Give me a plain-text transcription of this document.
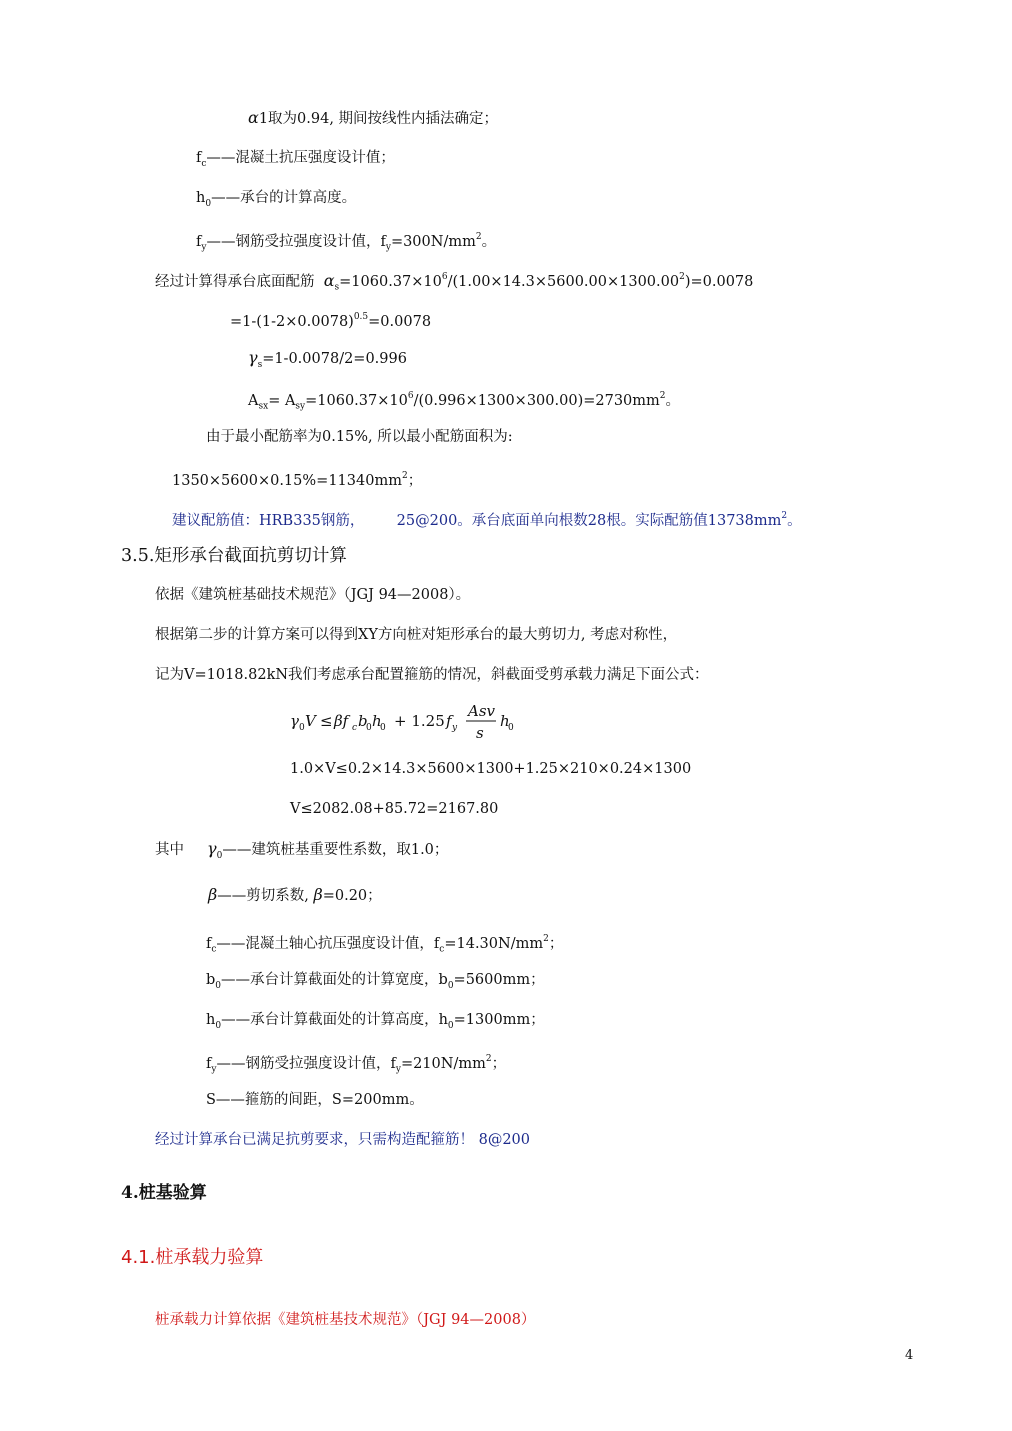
α1取为0.94, 期间按线性内插法确定；
$f_c——$混凝土抗压强度设计值；
$h_0——$承台的计算高度。
$f_y——$钢筋受拉强度设计值，$f_y=300N/mm^2$。
经过计算得承台底面配筋 $\alpha_s=1060.37\times 10^6/(1.00\times 14.3\times 5600.00\times 1300.00^2)=0.0078$
$=1-(1-2\times 0.0078)^{0.5}=0.0078$
$\gamma_s=1-0.0078/2=0.996$
$A_{sx}= A_{sy}=1060.37\times 10^6/(0.996\times 1300\times 300.00)=2730mm^2$。
由于最小配筋率为0.15%, 所以最小配筋面积为:
$1350\times 5600\times 0.15\%=11340mm^2$；
建议配筋值：HRB335钢筋， 25@200。承台底面单向根数28根。实际配筋值$13738mm^2$。
3.5.矩形承台截面抗剪切计算
依据《建筑桩基础技术规范》（JGJ 94—2008）。
根据第二步的计算方案可以得到XY方向桩对矩形承台的最大剪切力, 考虑对称性，
记为V=1018.82kN我们考虑承台配置箍筋的情况，斜截面受剪承载力满足下面公式：
γ 0 V ≤ βf c b
0 h
0 + 1.25 f y
Asv
s
h
0
1.0×V≤0.2×14.3×5600×1300+1.25×210×0.24×1300
V≤2082.08+85.72=2167.80
其中 $\gamma_0——$建筑桩基重要性系数，取1.0；
β——剪切系数, β=0.20；
$f_c——$混凝土轴心抗压强度设计值，$f_c=14.30N/mm^2$；
$b_0——$承台计算截面处的计算宽度，$b_0=5600mm$；
$h_0——$承台计算截面处的计算高度，$h_0=1300mm$；
$f_y——$钢筋受拉强度设计值，$f_y=210N/mm^2$；
S——箍筋的间距，S=200mm。
经过计算承台已满足抗剪要求，只需构造配箍筋！ 8@200
4.桩基验算
4.1.桩承载力验算
桩承载力计算依据《建筑桩基技术规范》（JGJ 94—2008）
4
